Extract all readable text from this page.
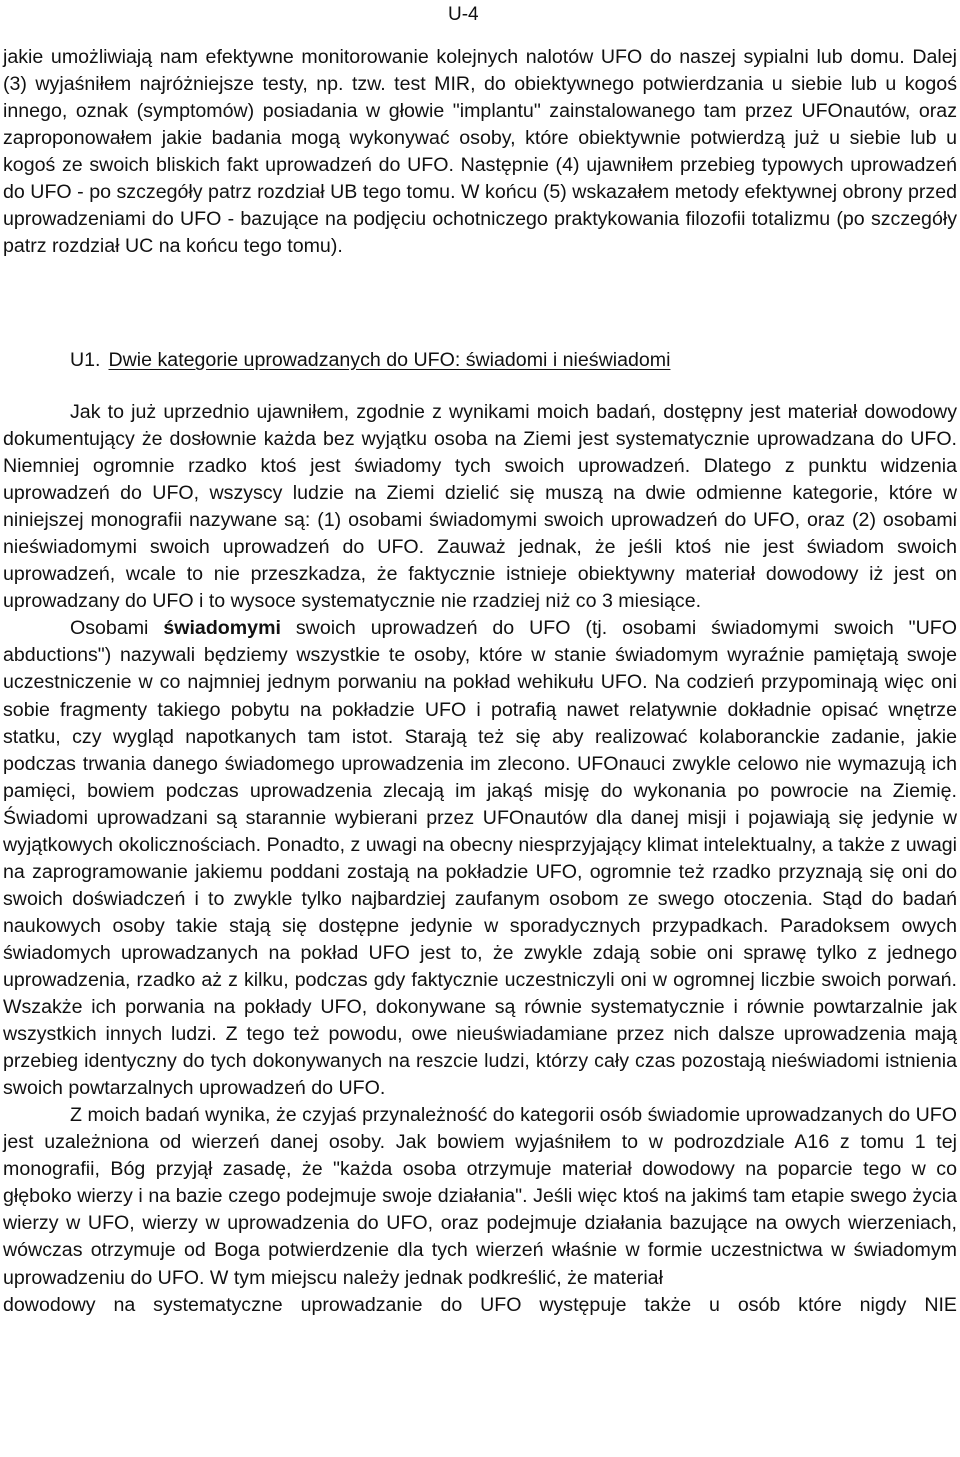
U-4
jakie umożliwiają nam efektywne monitorowanie kolejnych nalotów UFO do naszej sypialni lub domu. Dalej (3) wyjaśniłem najróżniejsze testy, np. tzw. test MIR, do obiektywnego potwierdzania u siebie lub u kogoś innego, oznak (symptomów) posiadania w głowie "implantu" zainstalowanego tam przez UFOnautów, oraz zaproponowałem jakie badania mogą wykonywać osoby, które obiektywnie potwierdzą już u siebie lub u kogoś ze swoich bliskich fakt uprowadzeń do UFO. Następnie (4) ujawniłem przebieg typowych uprowadzeń do UFO - po szczegóły patrz rozdział UB tego tomu. W końcu (5) wskazałem metody efektywnej obrony przed uprowadzeniami do UFO - bazujące na podjęciu ochotniczego praktykowania filozofii totalizmu (po szczegóły patrz rozdział UC na końcu tego tomu).
U1. Dwie kategorie uprowadzanych do UFO: świadomi i nieświadomi

Jak to już uprzednio ujawniłem, zgodnie z wynikami moich badań, dostępny jest materiał dowodowy dokumentujący że dosłownie każda bez wyjątku osoba na Ziemi jest systematycznie uprowadzana do UFO. Niemniej ogromnie rzadko ktoś jest świadomy tych swoich uprowadzeń. Dlatego z punktu widzenia uprowadzeń do UFO, wszyscy ludzie na Ziemi dzielić się muszą na dwie odmienne kategorie, które w niniejszej monografii nazywane są: (1) osobami świadomymi swoich uprowadzeń do UFO, oraz (2) osobami nieświadomymi swoich uprowadzeń do UFO. Zauważ jednak, że jeśli ktoś nie jest świadom swoich uprowadzeń, wcale to nie przeszkadza, że faktycznie istnieje obiektywny materiał dowodowy iż jest on uprowadzany do UFO i to wysoce systematycznie nie rzadziej niż co 3 miesiące.

Osobami świadomymi swoich uprowadzeń do UFO (tj. osobami świadomymi swoich "UFO abductions") nazywali będziemy wszystkie te osoby, które w stanie świadomym wyraźnie pamiętają swoje uczestniczenie w co najmniej jednym porwaniu na pokład wehikułu UFO. Na codzień przypominają więc oni sobie fragmenty takiego pobytu na pokładzie UFO i potrafią nawet relatywnie dokładnie opisać wnętrze statku, czy wygląd napotkanych tam istot. Starają też się aby realizować kolaboranckie zadanie, jakie podczas trwania danego świadomego uprowadzenia im zlecono. UFOnauci zwykle celowo nie wymazują ich pamięci, bowiem podczas uprowadzenia zlecają im jakąś misję do wykonania po powrocie na Ziemię. Świadomi uprowadzani są starannie wybierani przez UFOnautów dla danej misji i pojawiają się jedynie w wyjątkowych okolicznościach. Ponadto, z uwagi na obecny niesprzyjający klimat intelektualny, a także z uwagi na zaprogramowanie jakiemu poddani zostają na pokładzie UFO, ogromnie też rzadko przyznają się oni do swoich doświadczeń i to zwykle tylko najbardziej zaufanym osobom ze swego otoczenia. Stąd do badań naukowych osoby takie stają się dostępne jedynie w sporadycznych przypadkach. Paradoksem owych świadomych uprowadzanych na pokład UFO jest to, że zwykle zdają sobie oni sprawę tylko z jednego uprowadzenia, rzadko aż z kilku, podczas gdy faktycznie uczestniczyli oni w ogromnej liczbie swoich porwań. Wszakże ich porwania na pokłady UFO, dokonywane są równie systematycznie i równie powtarzalnie jak wszystkich innych ludzi. Z tego też powodu, owe nieuświadamiane przez nich dalsze uprowadzenia mają przebieg identyczny do tych dokonywanych na reszcie ludzi, którzy cały czas pozostają nieświadomi istnienia swoich powtarzalnych uprowadzeń do UFO.

Z moich badań wynika, że czyjaś przynależność do kategorii osób świadomie uprowadzanych do UFO jest uzależniona od wierzeń danej osoby. Jak bowiem wyjaśniłem to w podrozdziale A16 z tomu 1 tej monografii, Bóg przyjął zasadę, że "każda osoba otrzymuje materiał dowodowy na poparcie tego w co głęboko wierzy i na bazie czego podejmuje swoje działania". Jeśli więc ktoś na jakimś tam etapie swego życia wierzy w UFO, wierzy w uprowadzenia do UFO, oraz podejmuje działania bazujące na owych wierzeniach, wówczas otrzymuje od Boga potwierdzenie dla tych wierzeń właśnie w formie uczestnictwa w świadomym uprowadzeniu do UFO. W tym miejscu należy jednak podkreślić, że materiał

dowodowy na systematyczne uprowadzanie do UFO występuje także u osób które nigdy NIE
